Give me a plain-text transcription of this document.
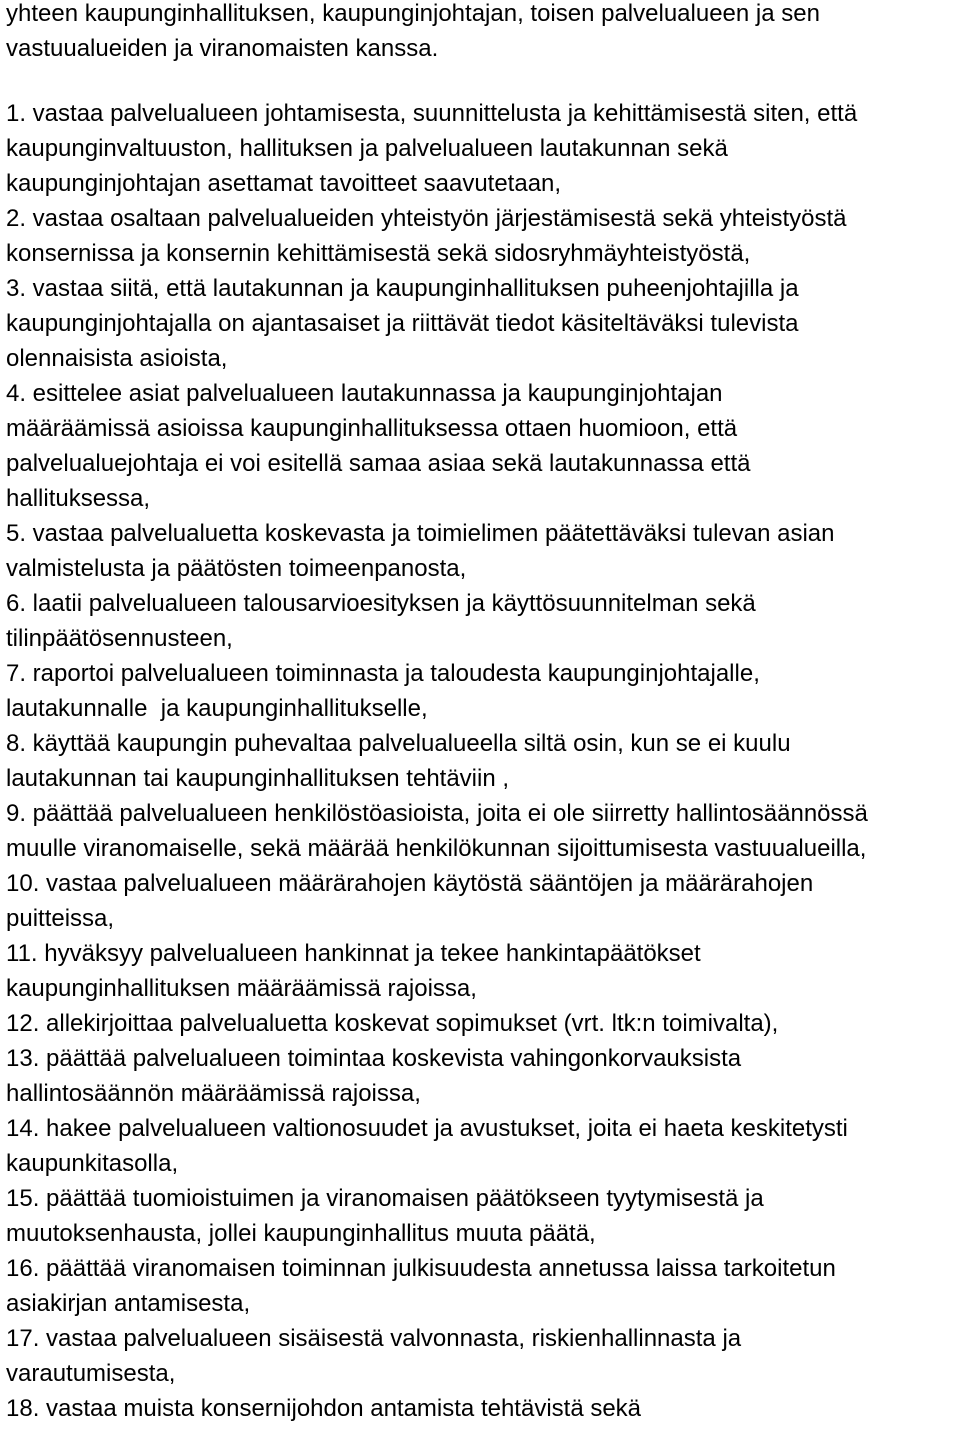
yhteen kaupunginhallituksen, kaupunginjohtajan, toisen palvelualueen ja sen
vastuualueiden ja viranomaisten kanssa.
1. vastaa palvelualueen johtamisesta, suunnittelusta ja kehittämisestä siten, että
kaupunginvaltuuston, hallituksen ja palvelualueen lautakunnan sekä
kaupunginjohtajan asettamat tavoitteet saavutetaan,
2. vastaa osaltaan palvelualueiden yhteistyön järjestämisestä sekä yhteistyöstä
konsernissa ja konsernin kehittämisestä sekä sidosryhmäyhteistyöstä,
3. vastaa siitä, että lautakunnan ja kaupunginhallituksen puheenjohtajilla ja
kaupunginjohtajalla on ajantasaiset ja riittävät tiedot käsiteltäväksi tulevista
olennaisista asioista,
4. esittelee asiat palvelualueen lautakunnassa ja kaupunginjohtajan
määräämissä asioissa kaupunginhallituksessa ottaen huomioon, että
palvelualuejohtaja ei voi esitellä samaa asiaa sekä lautakunnassa että
hallituksessa,
5. vastaa palvelualuetta koskevasta ja toimielimen päätettäväksi tulevan asian
valmistelusta ja päätösten toimeenpanosta,
6. laatii palvelualueen talousarvioesityksen ja käyttösuunnitelman sekä
tilinpäätösennusteen,
7. raportoi palvelualueen toiminnasta ja taloudesta kaupunginjohtajalle,
lautakunnalle  ja kaupunginhallitukselle,
8. käyttää kaupungin puhevaltaa palvelualueella siltä osin, kun se ei kuulu
lautakunnan tai kaupunginhallituksen tehtäviin ,
9. päättää palvelualueen henkilöstöasioista, joita ei ole siirretty hallintosäännössä
muulle viranomaiselle, sekä määrää henkilökunnan sijoittumisesta vastuualueilla,
10. vastaa palvelualueen määrärahojen käytöstä sääntöjen ja määrärahojen
puitteissa,
11. hyväksyy palvelualueen hankinnat ja tekee hankintapäätökset
kaupunginhallituksen määräämissä rajoissa,
12. allekirjoittaa palvelualuetta koskevat sopimukset (vrt. ltk:n toimivalta),
13. päättää palvelualueen toimintaa koskevista vahingonkorvauksista
hallintosäännön määräämissä rajoissa,
14. hakee palvelualueen valtionosuudet ja avustukset, joita ei haeta keskitetysti
kaupunkitasolla,
15. päättää tuomioistuimen ja viranomaisen päätökseen tyytymisestä ja
muutoksenhausta, jollei kaupunginhallitus muuta päätä,
16. päättää viranomaisen toiminnan julkisuudesta annetussa laissa tarkoitetun
asiakirjan antamisesta,
17. vastaa palvelualueen sisäisestä valvonnasta, riskienhallinnasta ja
varautumisesta,
18. vastaa muista konsernijohdon antamista tehtävistä sekä
